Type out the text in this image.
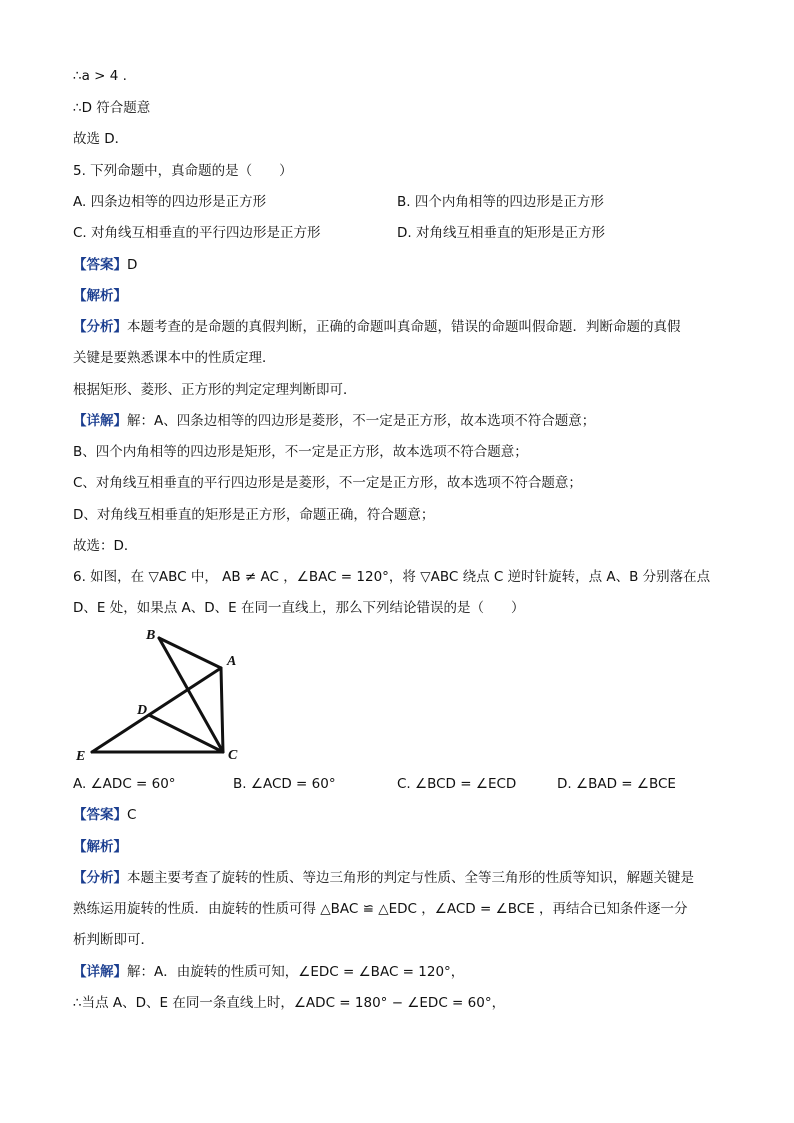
∴a > 4 .
∴D 符合题意
故选 D．
5. 下列命题中，真命题的是（　　）
A. 四条边相等的四边形是正方形	B. 四个内角相等的四边形是正方形
C. 对角线互相垂直的平行四边形是正方形	D. 对角线互相垂直的矩形是正方形
【答案】D
【解析】
【分析】本题考查的是命题的真假判断，正确的命题叫真命题，错误的命题叫假命题．判断命题的真假
关键是要熟悉课本中的性质定理．
根据矩形、菱形、正方形的判定定理判断即可．
【详解】解：A、四条边相等的四边形是菱形，不一定是正方形，故本选项不符合题意；
B、四个内角相等的四边形是矩形，不一定是正方形，故本选项不符合题意；
C、对角线互相垂直的平行四边形是是菱形，不一定是正方形，故本选项不符合题意；
D、对角线互相垂直的矩形是正方形，命题正确，符合题意；
故选：D．
6. 如图，在 ▽ABC 中， AB ≠ AC ，∠BAC = 120°，将 ▽ABC 绕点 C 逆时针旋转，点 A、B 分别落在点
D、E 处，如果点 A、D、E 在同一直线上，那么下列结论错误的是（　　）
B
A
D
E	C
A. ∠ADC = 60°	B. ∠ACD = 60°	C. ∠BCD = ∠ECD	D. ∠BAD = ∠BCE
【答案】C
【解析】
【分析】本题主要考查了旋转的性质、等边三角形的判定与性质、全等三角形的性质等知识，解题关键是
熟练运用旋转的性质．由旋转的性质可得 △BAC ≌ △EDC ，∠ACD = ∠BCE ，再结合已知条件逐一分
析判断即可．
【详解】解：A．由旋转的性质可知，∠EDC = ∠BAC = 120°，
∴当点 A、D、E 在同一条直线上时，∠ADC = 180° − ∠EDC = 60°，
